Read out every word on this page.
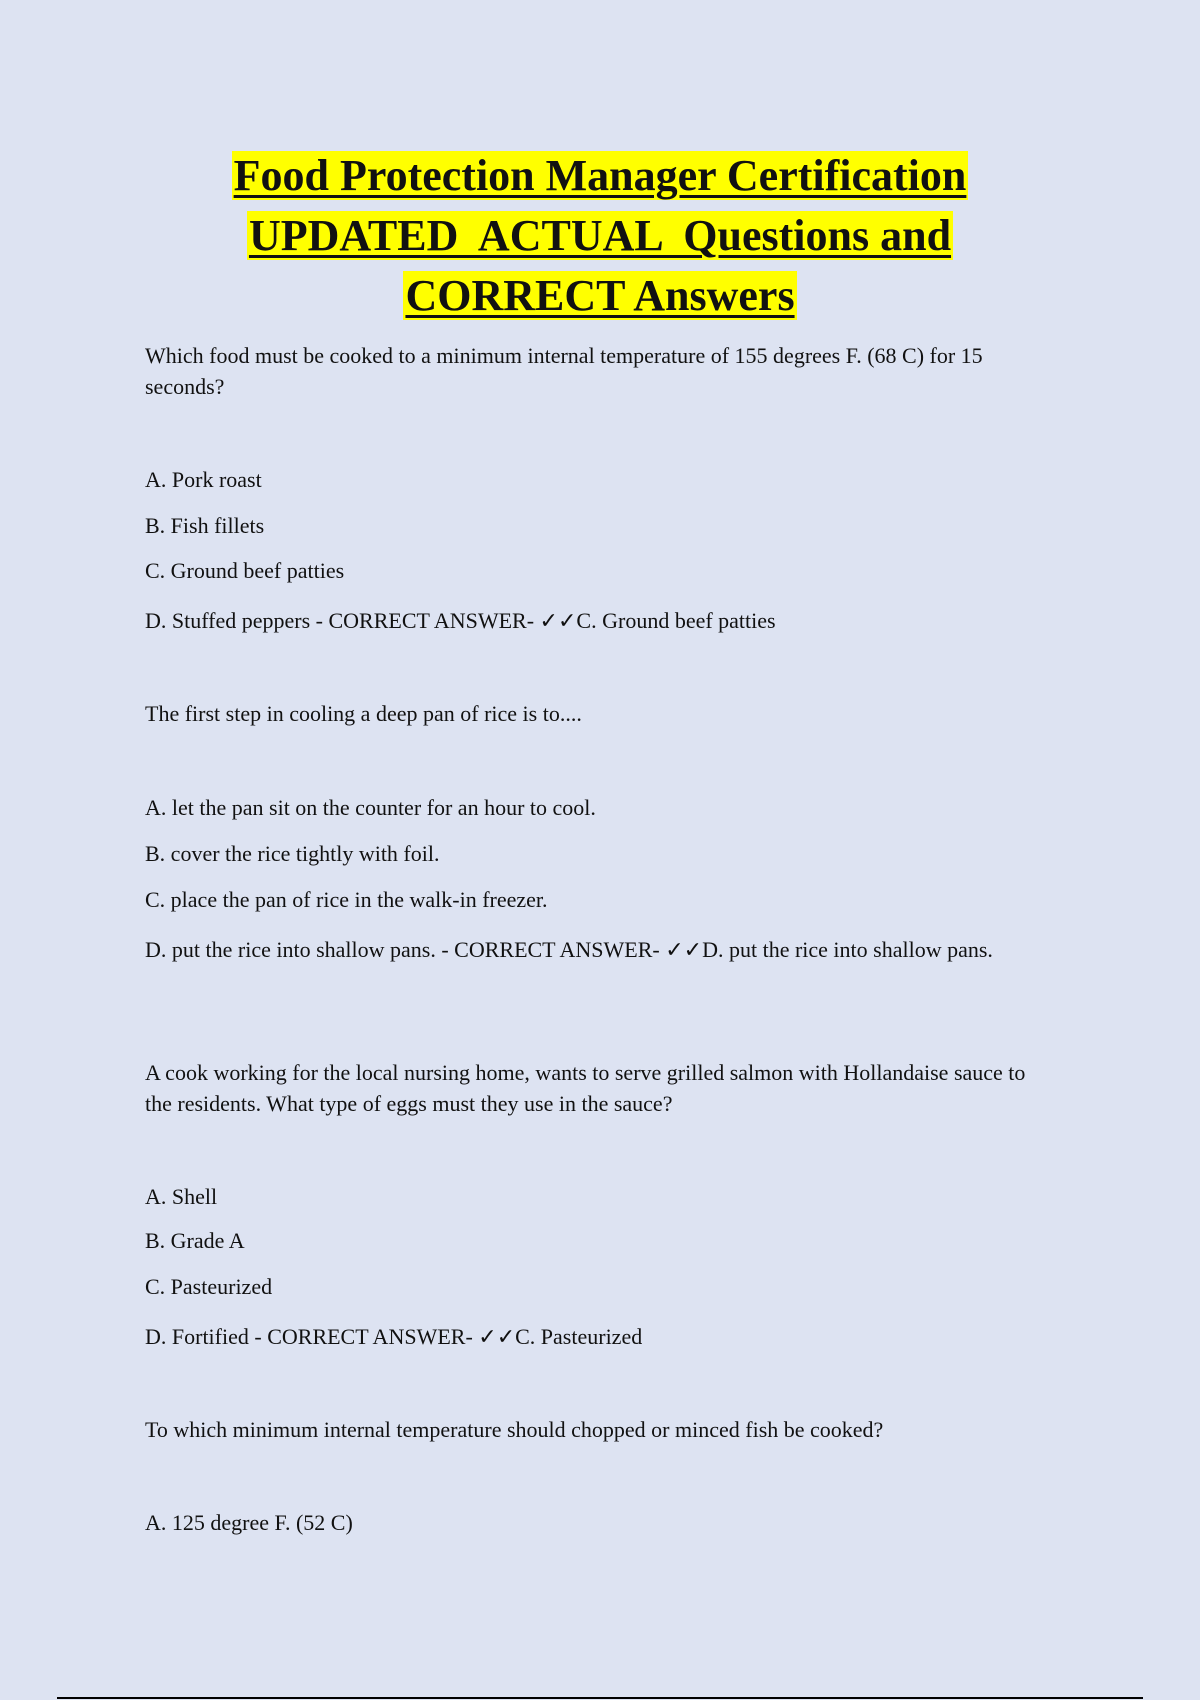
Food Protection Manager Certification
UPDATED  ACTUAL  Questions and
CORRECT Answers

Which food must be cooked to a minimum internal temperature of 155 degrees F. (68 C) for 15 seconds?

A. Pork roast

B. Fish fillets

C. Ground beef patties

D. Stuffed peppers - CORRECT ANSWER- ✓✓C. Ground beef patties

The first step in cooling a deep pan of rice is to....

A. let the pan sit on the counter for an hour to cool.

B. cover the rice tightly with foil.

C. place the pan of rice in the walk-in freezer.

D. put the rice into shallow pans. - CORRECT ANSWER- ✓✓D. put the rice into shallow pans.

A cook working for the local nursing home, wants to serve grilled salmon with Hollandaise sauce to the residents. What type of eggs must they use in the sauce?

A. Shell

B. Grade A

C. Pasteurized

D. Fortified - CORRECT ANSWER- ✓✓C. Pasteurized

To which minimum internal temperature should chopped or minced fish be cooked?

A. 125 degree F. (52 C)
